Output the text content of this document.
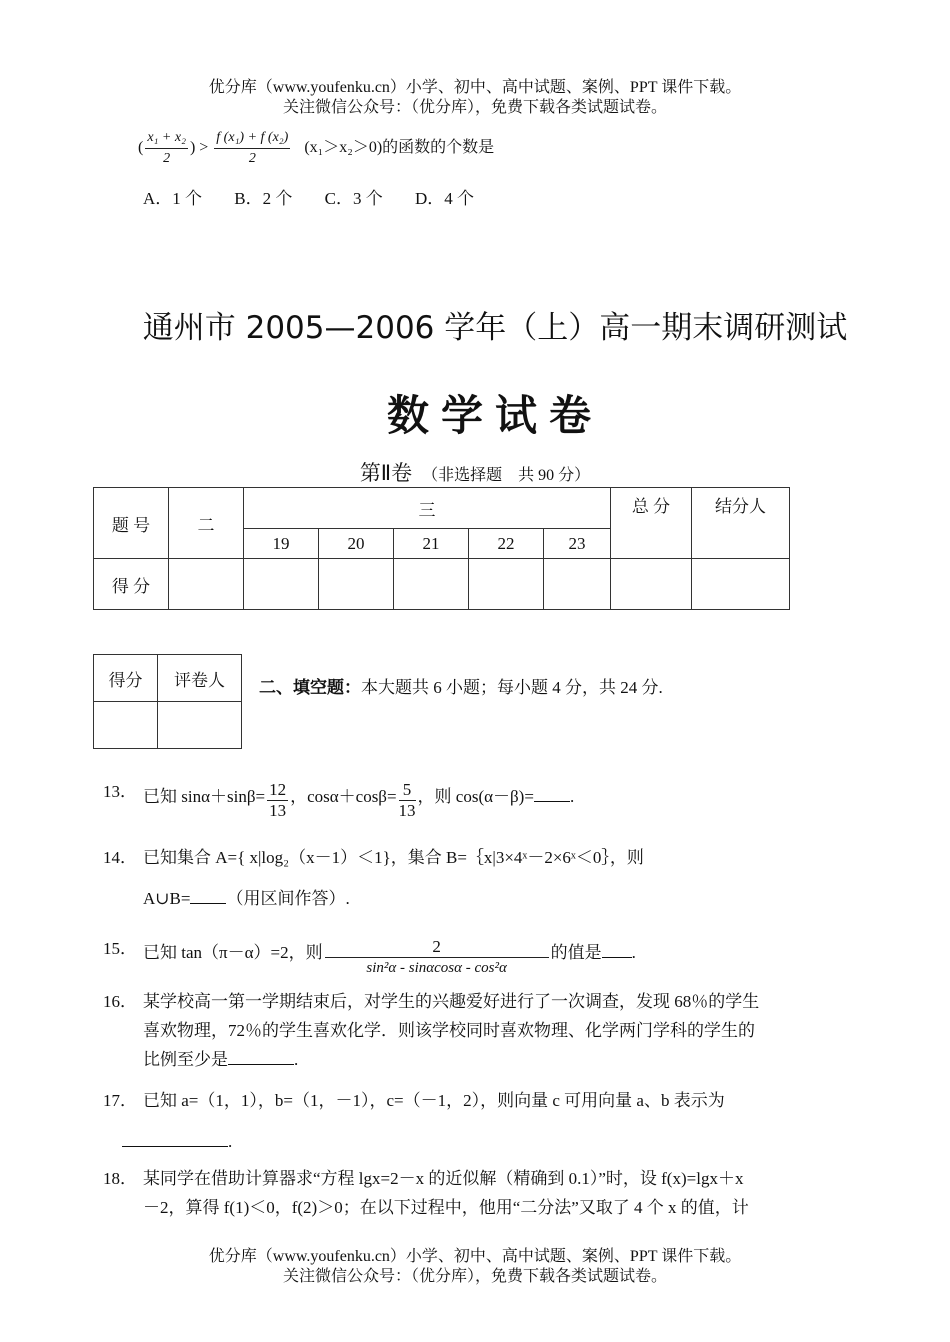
优分库（www.youfenku.cn）小学、初中、高中试题、案例、PPT 课件下载。
关注微信公众号：（优分库），免费下载各类试题试卷。
( $\frac{\text{x₁ + x₂}}{2}$ ) > $\frac{\text{f (x₁) + f (x₂)}}{2} (x_1>x_2>0)$的函数的个数是
A．1 个 B．2 个 C．3 个 D．4 个
通州市 2005—2006 学年（上）高一期末调研测试
数学试卷
第Ⅱ卷 （非选择题　共 90 分）
题 号	二	三					总 分	结分人
		19	20	21	22	23		
得 分								
得分	评卷人
	二、填空题：本大题共 6 小题；每小题 4 分，共 24 分.
13． 已知 $\sin\alpha+\sin\beta= \frac{12}{13}$ ，$\cos\alpha+\cos\beta= \frac{5}{13}$ ，则 cos(α－β)= .
14． 已知集合 A={ x|log₂（x－1）＜1}，集合 B=｛x|3×4ˣ－2×6ˣ＜0｝，则
A∪B= （用区间作答）.
15． 已知 tan（π－α）=2，则 $\frac{2}{\text{sin²α - sinαcosα - cos²α}}$ 的值是 .
16． 某学校高一第一学期结束后，对学生的兴趣爱好进行了一次调查，发现 68％的学生
喜欢物理，72％的学生喜欢化学．则该学校同时喜欢物理、化学两门学科的学生的
比例至少是	.
17． 已知 a=（1，1），b=（1，－1），c=（－1，2），则向量 c 可用向量 a、b 表示为
.
18． 某同学在借助计算器求“方程 lgx=2－x 的近似解（精确到 0.1）”时，设 f(x)=lgx＋x
－2，算得 f(1)＜0，f(2)＞0；在以下过程中，他用“二分法”又取了 4 个 x 的值，计
优分库（www.youfenku.cn）小学、初中、高中试题、案例、PPT 课件下载。
关注微信公众号：（优分库），免费下载各类试题试卷。
